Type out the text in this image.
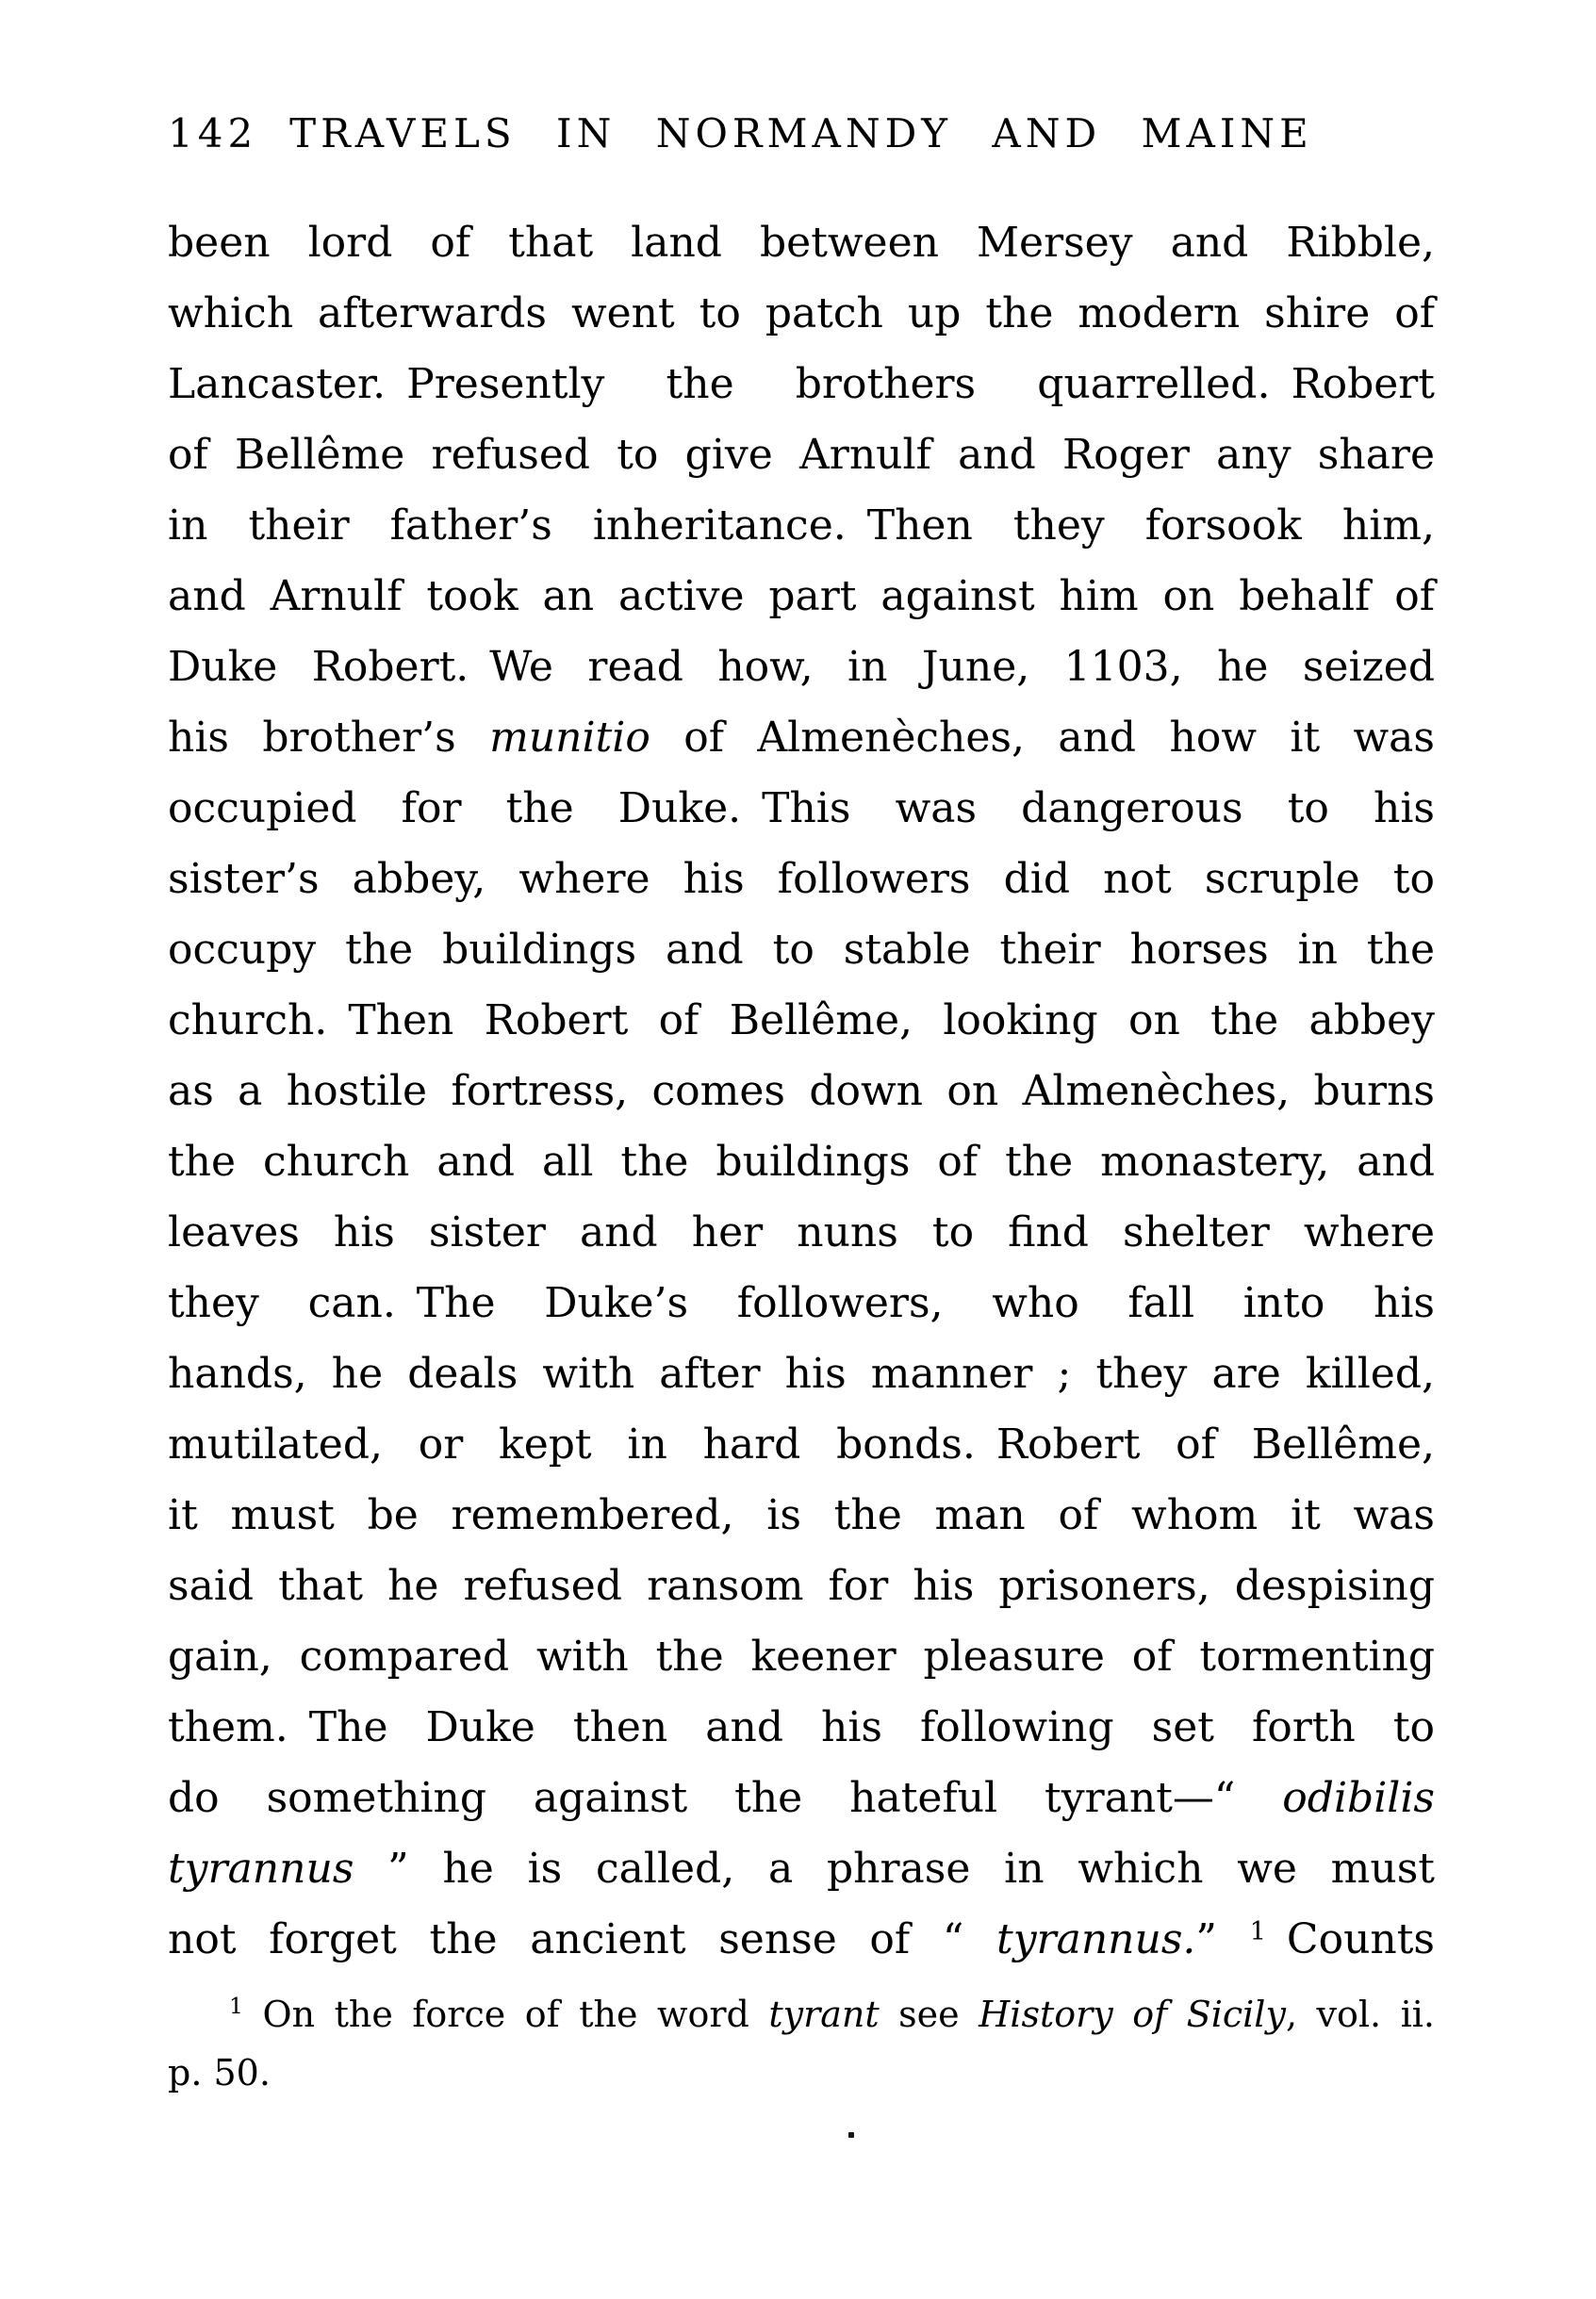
142 TRAVELS IN NORMANDY AND MAINE
been lord of that land between Mersey and Ribble,
which afterwards went to patch up the modern shire of
Lancaster. Presently the brothers quarrelled. Robert
of Bellême refused to give Arnulf and Roger any share
in their father’s inheritance. Then they forsook him,
and Arnulf took an active part against him on behalf of
Duke Robert. We read how, in June, 1103, he seized
his brother’s munitio of Almenèches, and how it was
occupied for the Duke. This was dangerous to his
sister’s abbey, where his followers did not scruple to
occupy the buildings and to stable their horses in the
church. Then Robert of Bellême, looking on the abbey
as a hostile fortress, comes down on Almenèches, burns
the church and all the buildings of the monastery, and
leaves his sister and her nuns to find shelter where
they can. The Duke’s followers, who fall into his
hands, he deals with after his manner ; they are killed,
mutilated, or kept in hard bonds. Robert of Bellême,
it must be remembered, is the man of whom it was
said that he refused ransom for his prisoners, despising
gain, compared with the keener pleasure of tormenting
them. The Duke then and his following set forth to
do something against the hateful tyrant—“ odibilis
tyrannus ” he is called, a phrase in which we must
not forget the ancient sense of “ tyrannus.” $^1$ Counts
$^1$ On the force of the word tyrant see History of Sicily, vol. ii.
p. 50.
